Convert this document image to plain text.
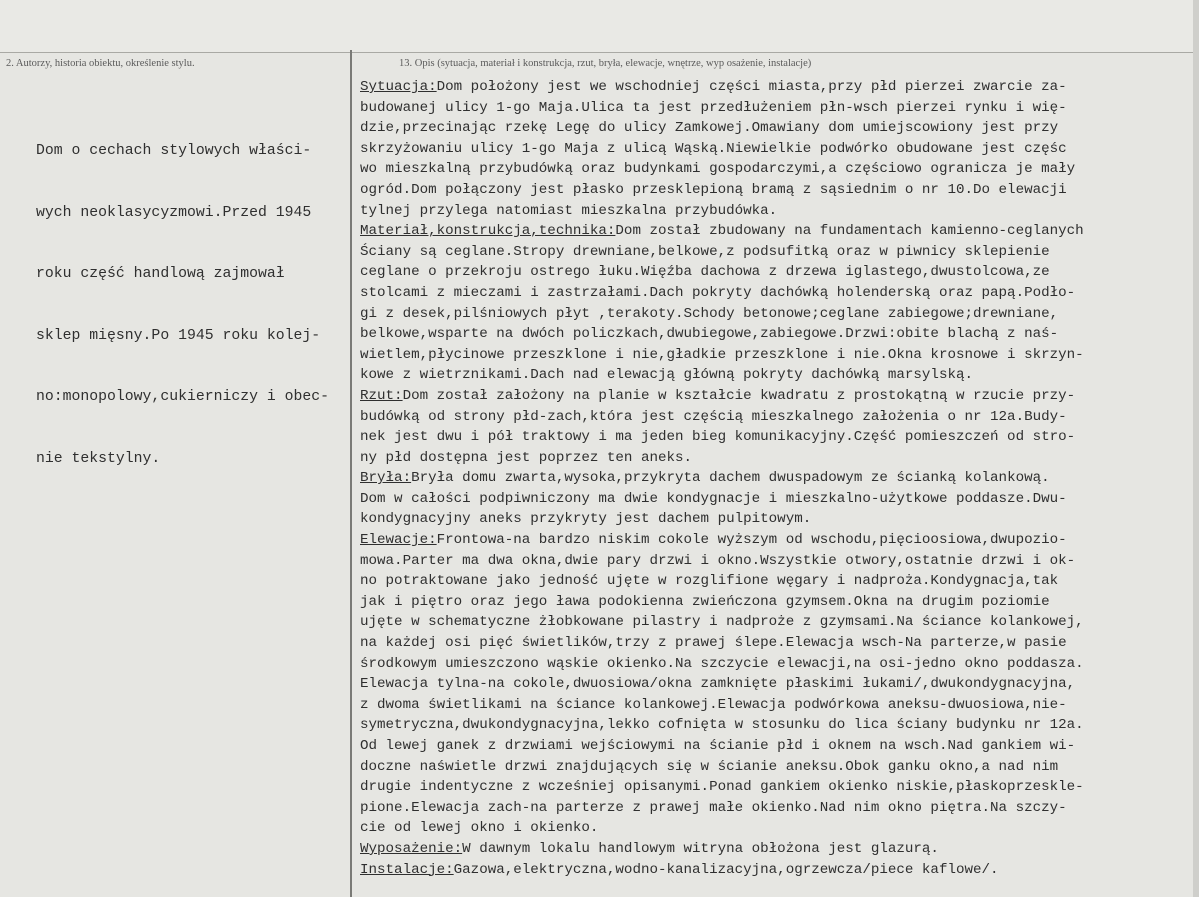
2. Autorzy, historia obiektu, określenie stylu.	13. Opis (sytuacja, materiał i konstrukcja, rzut, bryła, elewacje, wnętrze, wyp osażenie, instalacje)

Dom o cechach stylowych właści-

wych neoklasycyzmowi.Przed 1945

roku część handlową zajmował

sklep mięsny.Po 1945 roku kolej-

no:monopolowy,cukierniczy i obec-

nie tekstylny.

Sytuacja:Dom położony jest we wschodniej części miasta,przy płd pierzei zwarcie za-
budowanej ulicy 1-go Maja.Ulica ta jest przedłużeniem płn-wsch pierzei rynku i wię-
dzie,przecinając rzekę Legę do ulicy Zamkowej.Omawiany dom umiejscowiony jest przy
skrzyżowaniu ulicy 1-go Maja z ulicą Wąską.Niewielkie podwórko obudowane jest częśc
wo mieszkalną przybudówką oraz budynkami gospodarczymi,a częściowo ogranicza je mały
ogród.Dom połączony jest płasko przesklepioną bramą z sąsiednim o nr 10.Do elewacji
tylnej przylega natomiast mieszkalna przybudówka.
Materiał,konstrukcja,technika:Dom został zbudowany na fundamentach kamienno-ceglanych
Ściany są ceglane.Stropy drewniane,belkowe,z podsufitką oraz w piwnicy sklepienie
ceglane o przekroju ostrego łuku.Więźba dachowa z drzewa iglastego,dwustolcowa,ze
stolcami z mieczami i zastrzałami.Dach pokryty dachówką holenderską oraz papą.Podło-
gi z desek,pilśniowych płyt ,terakoty.Schody betonowe;ceglane zabiegowe;drewniane,
belkowe,wsparte na dwóch policzkach,dwubiegowe,zabiegowe.Drzwi:obite blachą z naś-
wietlem,płycinowe przeszklone i nie,gładkie przeszklone i nie.Okna krosnowe i skrzyn-
kowe z wietrznikami.Dach nad elewacją główną pokryty dachówką marsylską.
Rzut:Dom został założony na planie w kształcie kwadratu z prostokątną w rzucie przy-
budówką od strony płd-zach,która jest częścią mieszkalnego założenia o nr 12a.Budy-
nek jest dwu i pół traktowy i ma jeden bieg komunikacyjny.Część pomieszczeń od stro-
ny płd dostępna jest poprzez ten aneks.
Bryła:Bryła domu zwarta,wysoka,przykryta dachem dwuspadowym ze ścianką kolankową.
Dom w całości podpiwniczony ma dwie kondygnacje i mieszkalno-użytkowe poddasze.Dwu-
kondygnacyjny aneks przykryty jest dachem pulpitowym.
Elewacje:Frontowa-na bardzo niskim cokole wyższym od wschodu,pięcioosiowa,dwupozio-
mowa.Parter ma dwa okna,dwie pary drzwi i okno.Wszystkie otwory,ostatnie drzwi i ok-
no potraktowane jako jedność ujęte w rozglifione węgary i nadproża.Kondygnacja,tak
jak i piętro oraz jego ława podokienna zwieńczona gzymsem.Okna na drugim poziomie
ujęte w schematyczne żłobkowane pilastry i nadproże z gzymsami.Na ściance kolankowej,
na każdej osi pięć świetlików,trzy z prawej ślepe.Elewacja wsch-Na parterze,w pasie
środkowym umieszczono wąskie okienko.Na szczycie elewacji,na osi-jedno okno poddasza.
Elewacja tylna-na cokole,dwuosiowa/okna zamknięte płaskimi łukami/,dwukondygnacyjna,
z dwoma świetlikami na ściance kolankowej.Elewacja podwórkowa aneksu-dwuosiowa,nie-
symetryczna,dwukondygnacyjna,lekko cofnięta w stosunku do lica ściany budynku nr 12a.
Od lewej ganek z drzwiami wejściowymi na ścianie płd i oknem na wsch.Nad gankiem wi-
doczne naświetle drzwi znajdujących się w ścianie aneksu.Obok ganku okno,a nad nim
drugie indentyczne z wcześniej opisanymi.Ponad gankiem okienko niskie,płaskoprzeskle-
pione.Elewacja zach-na parterze z prawej małe okienko.Nad nim okno piętra.Na szczy-
cie od lewej okno i okienko.
Wyposażenie:W dawnym lokalu handlowym witryna obłożona jest glazurą.
Instalacje:Gazowa,elektryczna,wodno-kanalizacyjna,ogrzewcza/piece kaflowe/.
